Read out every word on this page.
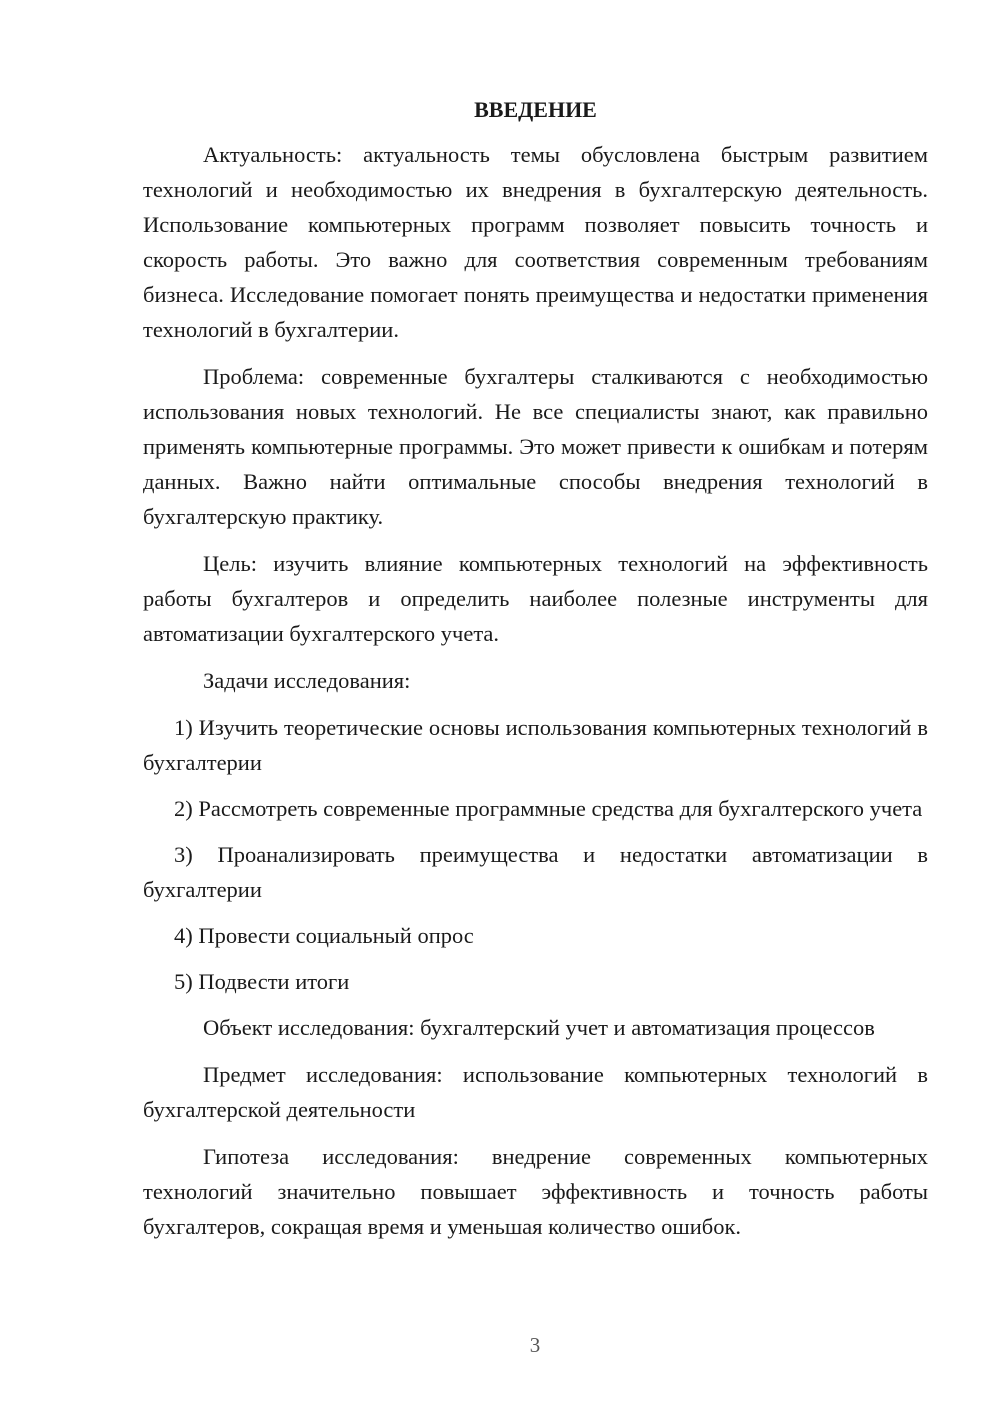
ВВЕДЕНИЕ

Актуальность: актуальность темы обусловлена быстрым развитием технологий и необходимостью их внедрения в бухгалтерскую деятельность. Использование компьютерных программ позволяет повысить точность и скорость работы. Это важно для соответствия современным требованиям бизнеса. Исследование помогает понять преимущества и недостатки применения технологий в бухгалтерии.

Проблема: современные бухгалтеры сталкиваются с необходимостью использования новых технологий. Не все специалисты знают, как правильно применять компьютерные программы. Это может привести к ошибкам и потерям данных. Важно найти оптимальные способы внедрения технологий в бухгалтерскую практику.

Цель: изучить влияние компьютерных технологий на эффективность работы бухгалтеров и определить наиболее полезные инструменты для автоматизации бухгалтерского учета.

Задачи исследования:

1) Изучить теоретические основы использования компьютерных технологий в бухгалтерии

2) Рассмотреть современные программные средства для бухгалтерского учета

3) Проанализировать преимущества и недостатки автоматизации в бухгалтерии

4) Провести социальный опрос

5) Подвести итоги

Объект исследования: бухгалтерский учет и автоматизация процессов

Предмет исследования: использование компьютерных технологий в бухгалтерской деятельности

Гипотеза исследования: внедрение современных компьютерных технологий значительно повышает эффективность и точность работы бухгалтеров, сокращая время и уменьшая количество ошибок.

3
